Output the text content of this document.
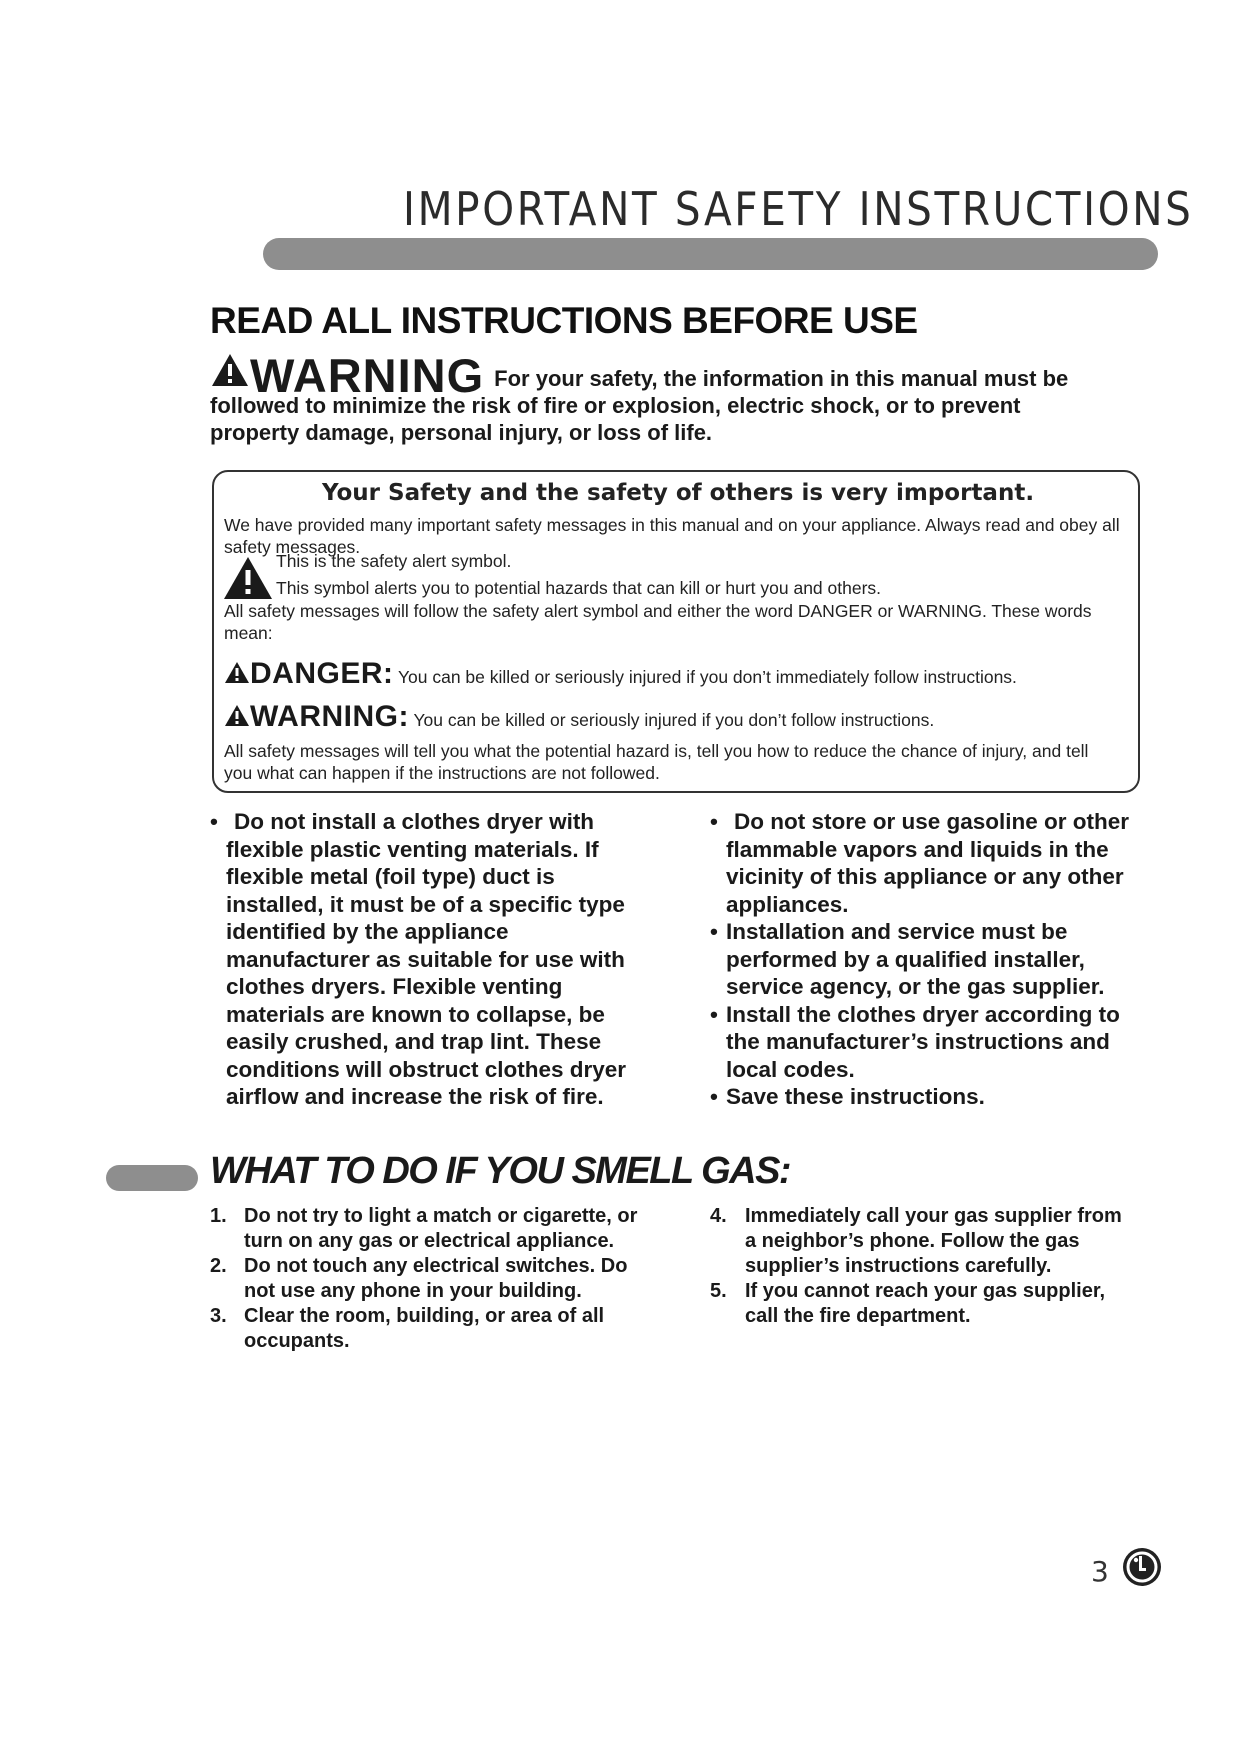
IMPORTANT SAFETY INSTRUCTIONS
READ ALL INSTRUCTIONS BEFORE USE
WARNING For your safety, the information in this manual must be followed to minimize the risk of fire or explosion, electric shock, or to prevent property damage, personal injury, or loss of life.
Your Safety and the safety of others is very important.
We have provided many important safety messages in this manual and on your appliance. Always read and obey all safety messages.
This is the safety alert symbol.
This symbol alerts you to potential hazards that can kill or hurt you and others.
All safety messages will follow the safety alert symbol and either the word DANGER or WARNING. These words mean:
DANGER: You can be killed or seriously injured if you don’t immediately follow instructions.
WARNING: You can be killed or seriously injured if you don’t follow instructions.
All safety messages will tell you what the potential hazard is, tell you how to reduce the chance of injury, and tell you what can happen if the instructions are not followed.
• Do not install a clothes dryer with flexible plastic venting materials. If flexible metal (foil type) duct is installed, it must be of a specific type identified by the appliance manufacturer as suitable for use with clothes dryers. Flexible venting materials are known to collapse, be easily crushed, and trap lint. These conditions will obstruct clothes dryer airflow and increase the risk of fire.
• Do not store or use gasoline or other flammable vapors and liquids in the vicinity of this appliance or any other appliances.
• Installation and service must be performed by a qualified installer, service agency, or the gas supplier.
• Install the clothes dryer according to the manufacturer’s instructions and local codes.
• Save these instructions.
WHAT TO DO IF YOU SMELL GAS:
1. Do not try to light a match or cigarette, or turn on any gas or electrical appliance.
2. Do not touch any electrical switches. Do not use any phone in your building.
3. Clear the room, building, or area of all occupants.
4. Immediately call your gas supplier from a neighbor’s phone. Follow the gas supplier’s instructions carefully.
5. If you cannot reach your gas supplier, call the fire department.
3
